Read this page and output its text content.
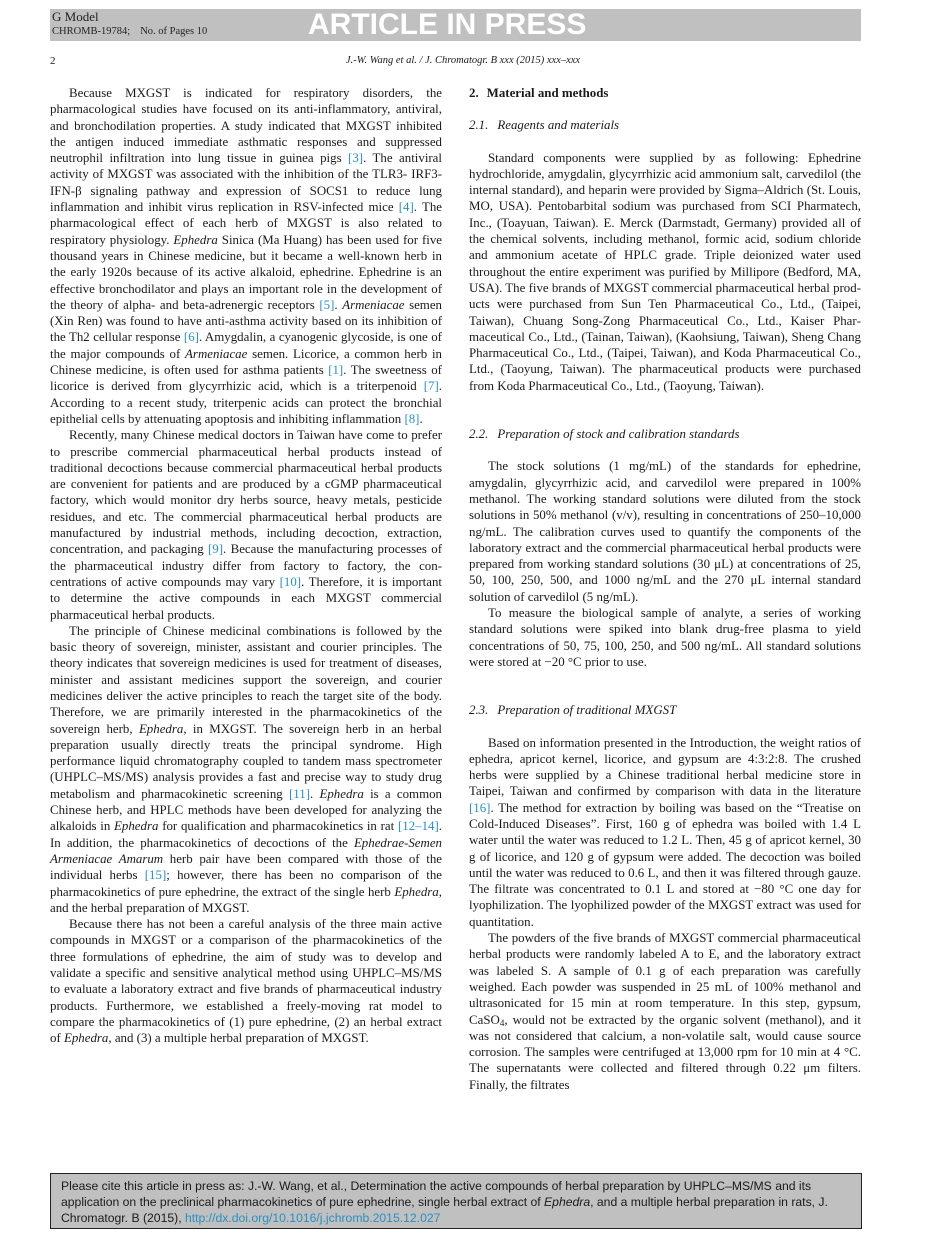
G Model
CHROMB-19784; No. of Pages 10	ARTICLE IN PRESS
2	J.-W. Wang et al. / J. Chromatogr. B xxx (2015) xxx–xxx

Because MXGST is indicated for respiratory disorders, the pharmacological studies have focused on its anti-inflammatory, antiviral, and bronchodilation properties. A study indicated that MXGST inhibited the antigen induced immediate asthmatic responses and suppressed neutrophil infiltration into lung tissue in guinea pigs [3]. The antiviral activity of MXGST was associated with the inhibition of the TLR3- IRF3-IFN-β signaling pathway and expression of SOCS1 to reduce lung inflammation and inhibit virus replication in RSV-infected mice [4]. The pharmacological effect of each herb of MXGST is also related to respiratory physiology. Ephedra Sinica (Ma Huang) has been used for five thousand years in Chinese medicine, but it became a well-known herb in the early 1920s because of its active alkaloid, ephedrine. Ephedrine is an effective bronchodilator and plays an important role in the development of the theory of alpha- and beta-adrenergic receptors [5]. Armeniacae semen (Xin Ren) was found to have anti-asthma activity based on its inhibition of the Th2 cellular response [6]. Amygdalin, a cyanogenic glycoside, is one of the major compounds of Armeniacae semen. Licorice, a common herb in Chinese medicine, is often used for asthma patients [1]. The sweetness of licorice is derived from glycyrrhizic acid, which is a triterpenoid [7]. According to a recent study, triterpenic acids can protect the bronchial epithelial cells by attenuating apoptosis and inhibiting inflammation [8].

Recently, many Chinese medical doctors in Taiwan have come to prefer to prescribe commercial pharmaceutical herbal products instead of traditional decoctions because commercial pharmaceutical herbal products are convenient for patients and are produced by a cGMP pharmaceutical factory, which would monitor dry herbs source, heavy metals, pesticide residues, and etc. The commercial pharmaceutical herbal products are manufactured by industrial methods, including decoction, extraction, concentration, and packaging [9]. Because the manufacturing processes of the pharmaceutical industry differ from factory to factory, the concentrations of active compounds may vary [10]. Therefore, it is important to determine the active compounds in each MXGST commercial pharmaceutical herbal products.

The principle of Chinese medicinal combinations is followed by the basic theory of sovereign, minister, assistant and courier principles. The theory indicates that sovereign medicines is used for treatment of diseases, minister and assistant medicines support the sovereign, and courier medicines deliver the active principles to reach the target site of the body. Therefore, we are primarily interested in the pharmacokinetics of the sovereign herb, Ephedra, in MXGST. The sovereign herb in an herbal preparation usually directly treats the principal syndrome. High performance liquid chromatography coupled to tandem mass spectrometer (UHPLC–MS/MS) analysis provides a fast and precise way to study drug metabolism and pharmacokinetic screening [11]. Ephedra is a common Chinese herb, and HPLC methods have been developed for analyzing the alkaloids in Ephedra for qualification and pharmacokinetics in rat [12–14]. In addition, the pharmacokinetics of decoctions of the Ephedrae-Semen Armeniacae Amarum herb pair have been compared with those of the individual herbs [15]; however, there has been no comparison of the pharmacokinetics of pure ephedrine, the extract of the single herb Ephedra, and the herbal preparation of MXGST.

Because there has not been a careful analysis of the three main active compounds in MXGST or a comparison of the pharmacokinetics of the three formulations of ephedrine, the aim of study was to develop and validate a specific and sensitive analytical method using UHPLC–MS/MS to evaluate a laboratory extract and five brands of pharmaceutical industry products. Furthermore, we established a freely-moving rat model to compare the pharmacokinetics of (1) pure ephedrine, (2) an herbal extract of Ephedra, and (3) a multiple herbal preparation of MXGST.

2. Material and methods
2.1. Reagents and materials

Standard components were supplied by as following: Ephedrine hydrochloride, amygdalin, glycyrrhizic acid ammonium salt, carvedilol (the internal standard), and heparin were provided by Sigma–Aldrich (St. Louis, MO, USA). Pentobarbital sodium was purchased from SCI Pharmatech, Inc., (Toayuan, Taiwan). E. Merck (Darmstadt, Germany) provided all of the chemical solvents, including methanol, formic acid, sodium chloride and ammonium acetate of HPLC grade. Triple deionized water used throughout the entire experiment was purified by Millipore (Bedford, MA, USA). The five brands of MXGST commercial pharmaceutical herbal products were purchased from Sun Ten Pharmaceutical Co., Ltd., (Taipei, Taiwan), Chuang Song-Zong Pharmaceutical Co., Ltd., Kaiser Pharmaceutical Co., Ltd., (Tainan, Taiwan), (Kaohsiung, Taiwan), Sheng Chang Pharmaceutical Co., Ltd., (Taipei, Taiwan), and Koda Pharmaceutical Co., Ltd., (Taoyung, Taiwan). The pharmaceutical products were purchased from Koda Pharmaceutical Co., Ltd., (Taoyung, Taiwan).

2.2. Preparation of stock and calibration standards

The stock solutions (1 mg/mL) of the standards for ephedrine, amygdalin, glycyrrhizic acid, and carvedilol were prepared in 100% methanol. The working standard solutions were diluted from the stock solutions in 50% methanol (v/v), resulting in concentrations of 250–10,000 ng/mL. The calibration curves used to quantify the components of the laboratory extract and the commercial pharmaceutical herbal products were prepared from working standard solutions (30 μL) at concentrations of 25, 50, 100, 250, 500, and 1000 ng/mL and the 270 μL internal standard solution of carvedilol (5 ng/mL).

To measure the biological sample of analyte, a series of working standard solutions were spiked into blank drug-free plasma to yield concentrations of 50, 75, 100, 250, and 500 ng/mL. All standard solutions were stored at −20 °C prior to use.

2.3. Preparation of traditional MXGST

Based on information presented in the Introduction, the weight ratios of ephedra, apricot kernel, licorice, and gypsum are 4:3:2:8. The crushed herbs were supplied by a Chinese traditional herbal medicine store in Taipei, Taiwan and confirmed by comparison with data in the literature [16]. The method for extraction by boiling was based on the “Treatise on Cold-Induced Diseases”. First, 160 g of ephedra was boiled with 1.4 L water until the water was reduced to 1.2 L. Then, 45 g of apricot kernel, 30 g of licorice, and 120 g of gypsum were added. The decoction was boiled until the water was reduced to 0.6 L, and then it was filtered through gauze. The filtrate was concentrated to 0.1 L and stored at −80 °C one day for lyophilization. The lyophilized powder of the MXGST extract was used for quantitation.

The powders of the five brands of MXGST commercial pharmaceutical herbal products were randomly labeled A to E, and the laboratory extract was labeled S. A sample of 0.1 g of each preparation was carefully weighed. Each powder was suspended in 25 mL of 100% methanol and ultrasonicated for 15 min at room temperature. In this step, gypsum, CaSO$_4$, would not be extracted by the organic solvent (methanol), and it was not considered that calcium, a non-volatile salt, would cause source corrosion. The samples were centrifuged at 13,000 rpm for 10 min at 4 °C. The supernatants were collected and filtered through 0.22 μm filters. Finally, the filtrates

Please cite this article in press as: J.-W. Wang, et al., Determination the active compounds of herbal preparation by UHPLC–MS/MS and its application on the preclinical pharmacokinetics of pure ephedrine, single herbal extract of Ephedra, and a multiple herbal preparation in rats, J. Chromatogr. B (2015), http://dx.doi.org/10.1016/j.jchromb.2015.12.027
